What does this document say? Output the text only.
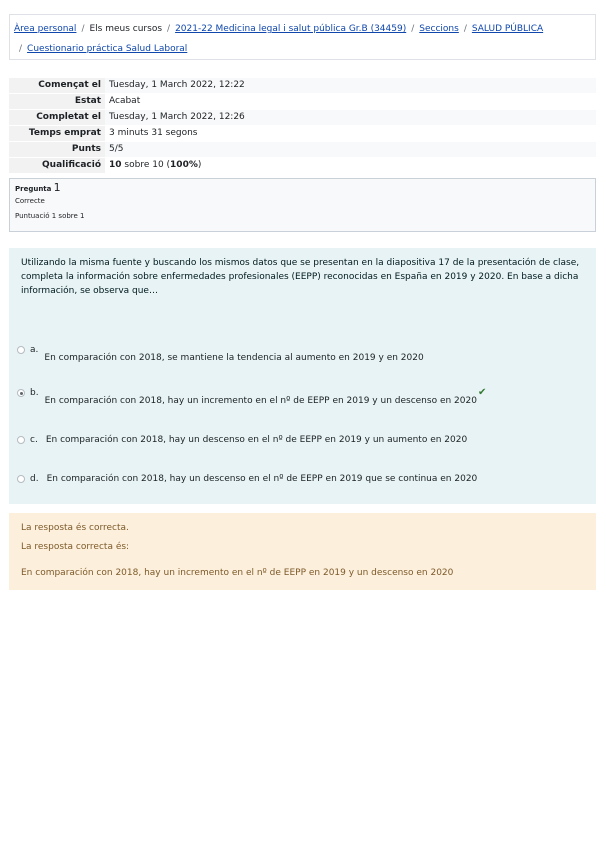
Àrea personal / Els meus cursos / 2021-22 Medicina legal i salut pública Gr.B (34459) / Seccions / SALUD PÚBLICA
/ Cuestionario práctica Salud Laboral
Començat el	Tuesday, 1 March 2022, 12:22
Estat	Acabat
Completat el	Tuesday, 1 March 2022, 12:26
Temps emprat	3 minuts 31 segons
Punts	5/5
Qualificació	10 sobre 10 (100%)
Pregunta 1
Correcte
Puntuació 1 sobre 1

Utilizando la misma fuente y buscando los mismos datos que se presentan en la diapositiva 17 de la presentación de clase, completa la información sobre enfermedades profesionales (EEPP) reconocidas en España en 2019 y 2020. En base a dicha información, se observa que…

a.
En comparación con 2018, se mantiene la tendencia al aumento en 2019 y en 2020
b.
En comparación con 2018, hay un incremento en el nº de EEPP en 2019 y un descenso en 2020
✔
c. En comparación con 2018, hay un descenso en el nº de EEPP en 2019 y un aumento en 2020
d. En comparación con 2018, hay un descenso en el nº de EEPP en 2019 que se continua en 2020
La resposta és correcta.
La resposta correcta és:
En comparación con 2018, hay un incremento en el nº de EEPP en 2019 y un descenso en 2020
